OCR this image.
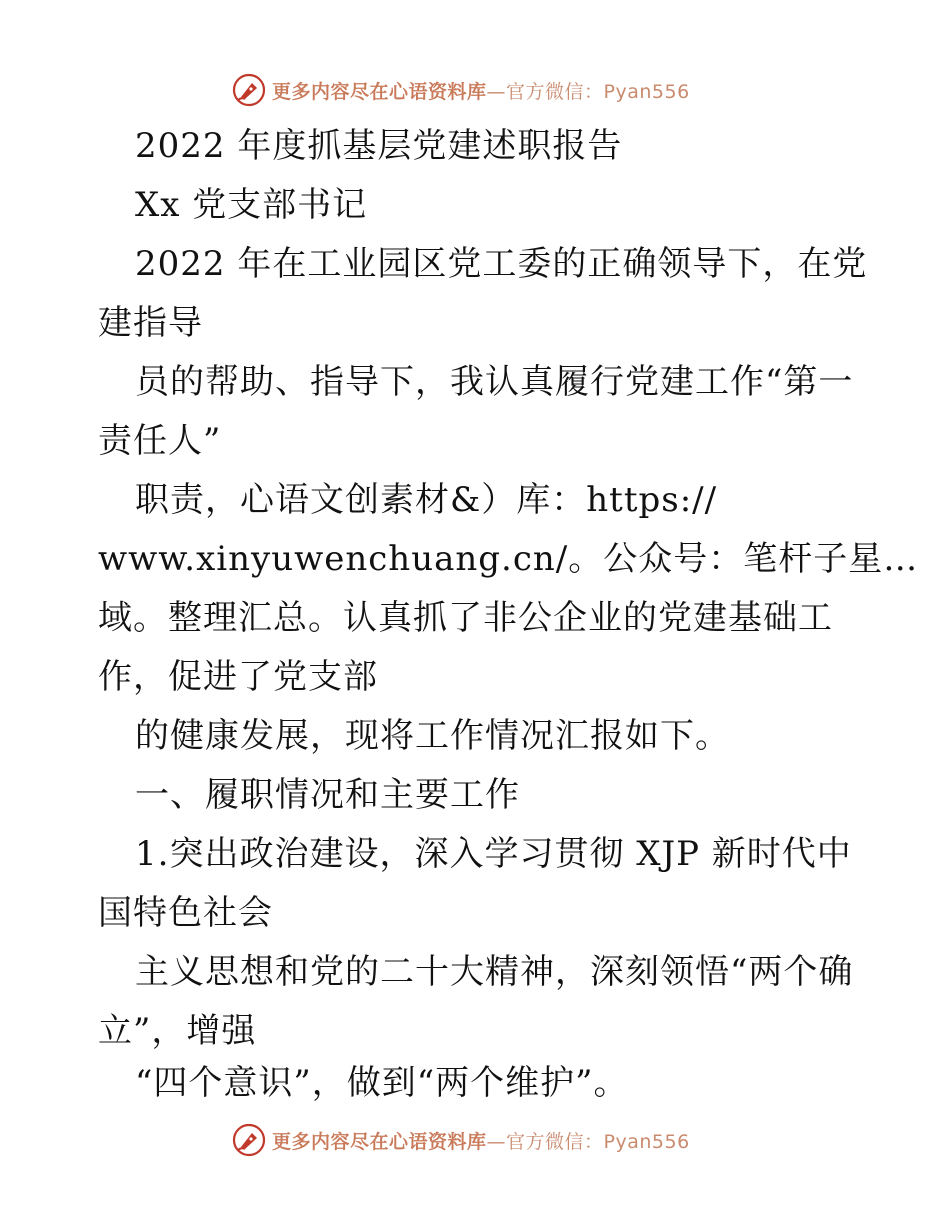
更多内容尽在心语资料库—官方微信：Pyan556
2022 年度抓基层党建述职报告
Xx 党支部书记
2022 年在工业园区党工委的正确领导下，在党
建指导
员的帮助、指导下，我认真履行党建工作“第一
责任人”
职责，心语文创素材&）库：https://
www.xinyuwenchuang.cn/。公众号：笔杆子星…
域。整理汇总。认真抓了非公企业的党建基础工
作，促进了党支部
的健康发展，现将工作情况汇报如下。
一、履职情况和主要工作
1.突出政治建设，深入学习贯彻 XJP 新时代中
国特色社会
主义思想和党的二十大精神，深刻领悟“两个确
立”，增强
“四个意识”，做到“两个维护”。
更多内容尽在心语资料库—官方微信：Pyan556
